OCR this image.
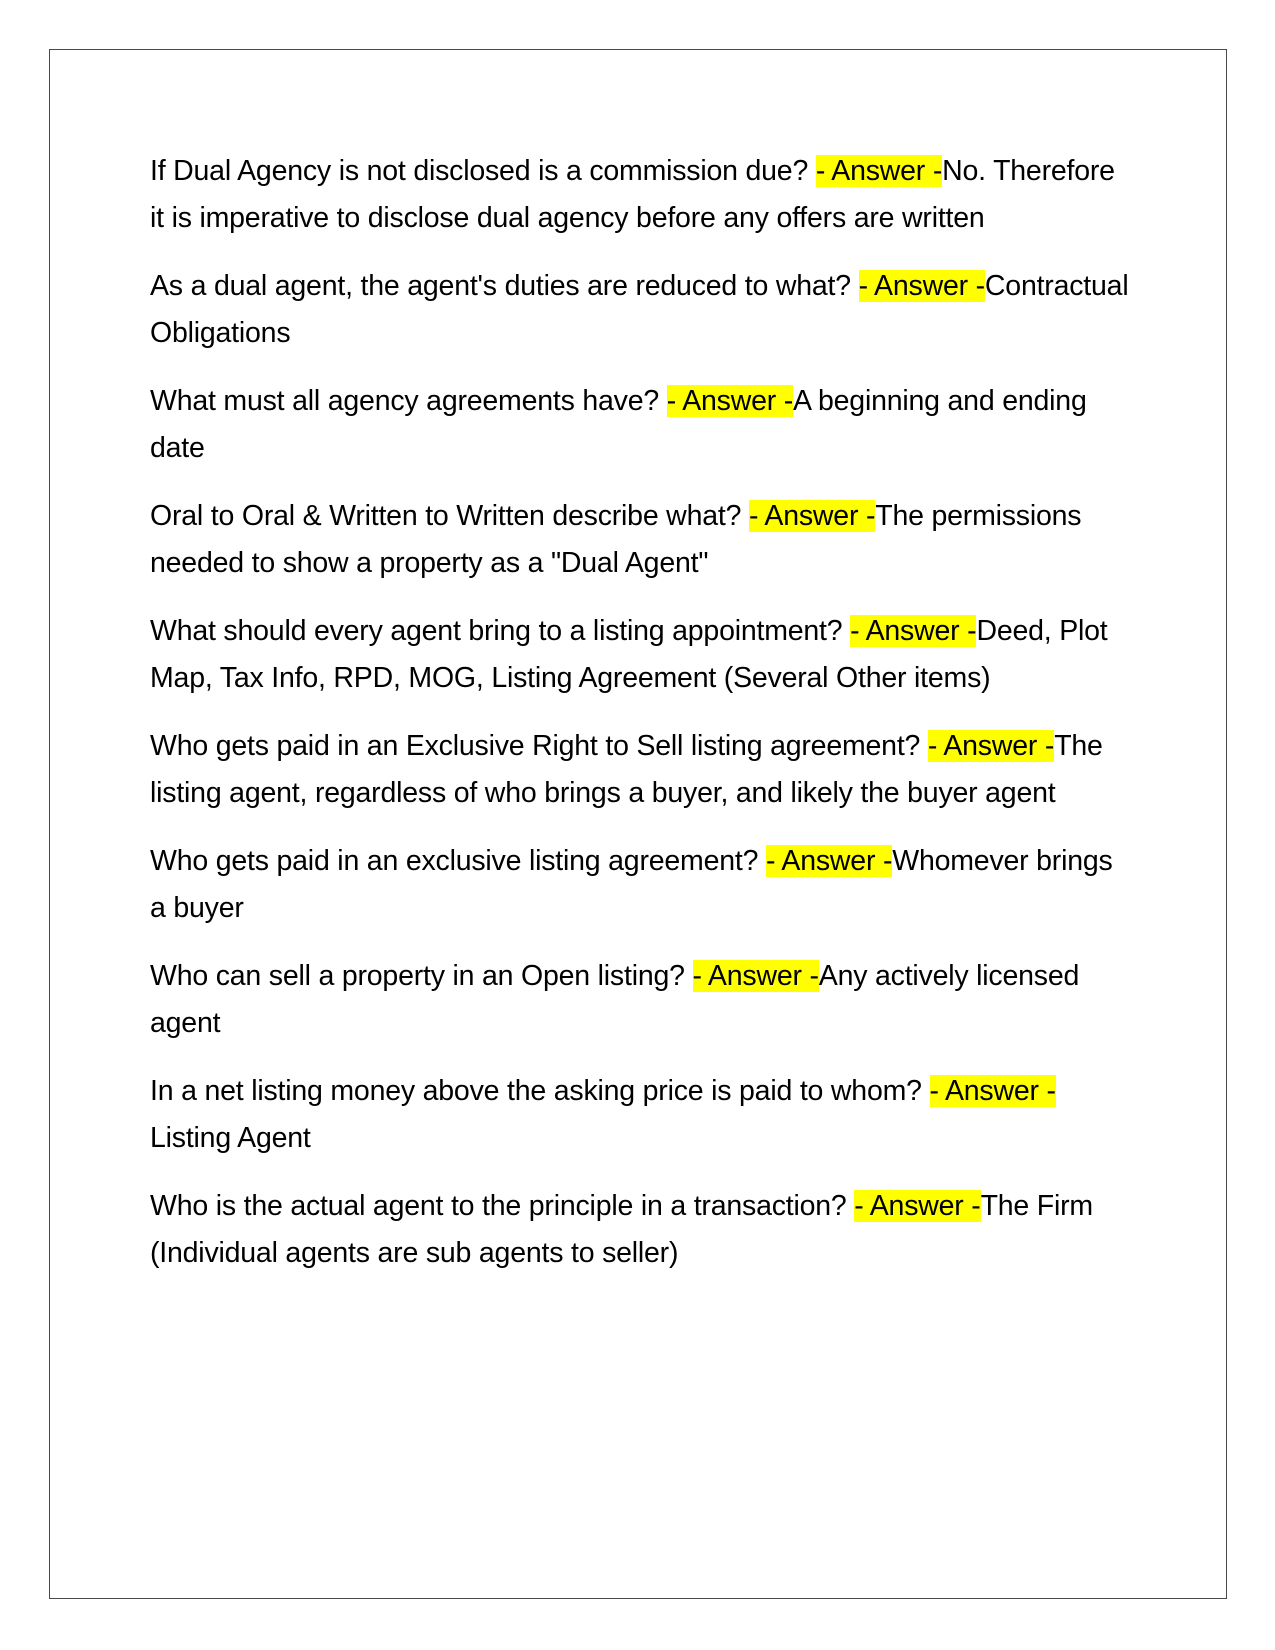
If Dual Agency is not disclosed is a commission due? - Answer -No. Therefore it is imperative to disclose dual agency before any offers are written

As a dual agent, the agent's duties are reduced to what? - Answer -Contractual Obligations

What must all agency agreements have? - Answer -A beginning and ending date

Oral to Oral & Written to Written describe what? - Answer -The permissions needed to show a property as a "Dual Agent"

What should every agent bring to a listing appointment? - Answer -Deed, Plot Map, Tax Info, RPD, MOG, Listing Agreement (Several Other items)

Who gets paid in an Exclusive Right to Sell listing agreement? - Answer -The listing agent, regardless of who brings a buyer, and likely the buyer agent

Who gets paid in an exclusive listing agreement? - Answer -Whomever brings a buyer

Who can sell a property in an Open listing? - Answer -Any actively licensed agent

In a net listing money above the asking price is paid to whom? - Answer -Listing Agent

Who is the actual agent to the principle in a transaction? - Answer -The Firm (Individual agents are sub agents to seller)
